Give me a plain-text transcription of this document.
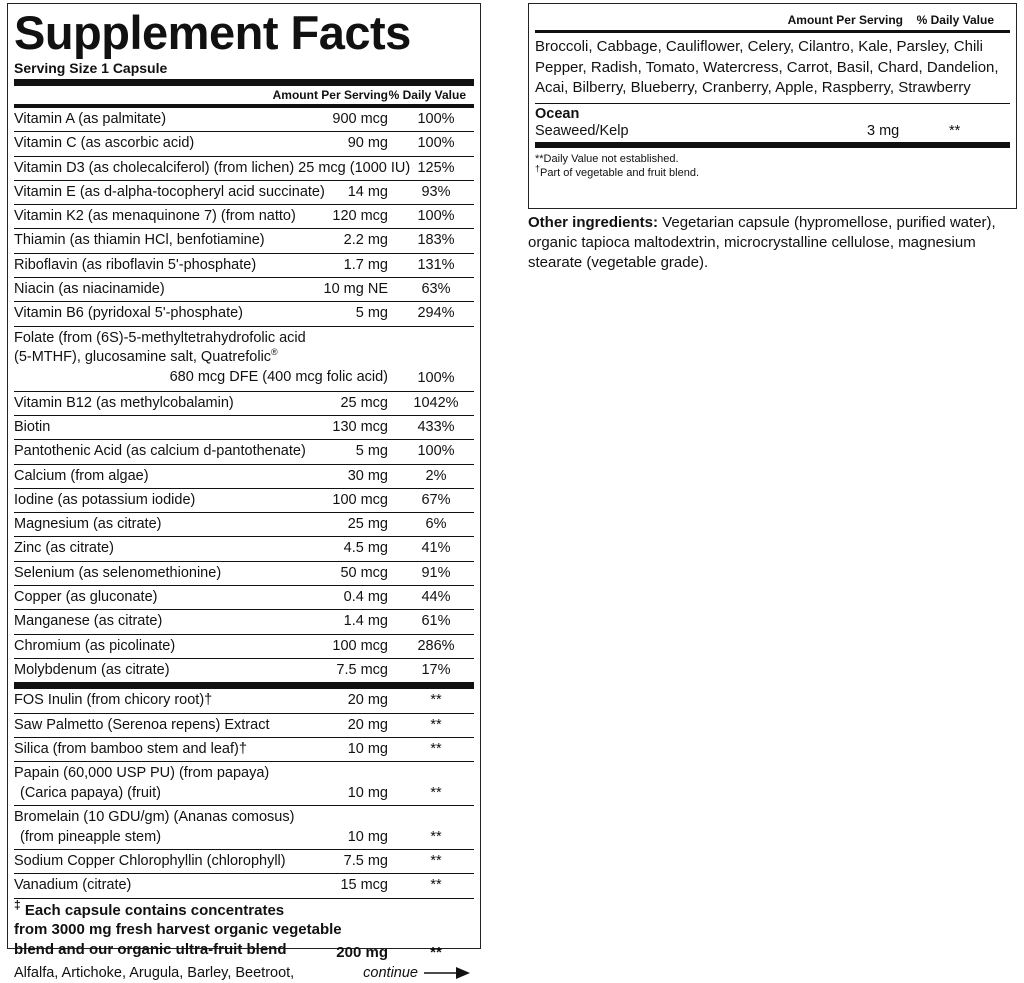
Supplement Facts
Serving Size 1 Capsule
Amount Per Serving % Daily Value
Vitamin A (as palmitate)	900 mcg	100%
Vitamin C (as ascorbic acid)	90 mg	100%
Vitamin D3 (as cholecalciferol) (from lichen) 25 mcg (1000 IU) 125%
Vitamin E (as d-alpha-tocopheryl acid succinate) 14 mg	93%
Vitamin K2 (as menaquinone 7) (from natto)	120 mcg	100%
Thiamin (as thiamin HCl, benfotiamine)	2.2 mg	183%
Riboflavin (as riboflavin 5'-phosphate)	1.7 mg	131%
Niacin (as niacinamide)	10 mg NE	63%
Vitamin B6 (pyridoxal 5'-phosphate)	5 mg	294%
Folate (from (6S)-5-methyltetrahydrofolic acid
(5-MTHF), glucosamine salt, Quatrefolic®
680 mcg DFE (400 mcg folic acid)	100%
Vitamin B12 (as methylcobalamin)	25 mcg	1042%
Biotin	130 mcg	433%
Pantothenic Acid (as calcium d-pantothenate)	5 mg	100%
Calcium (from algae)	30 mg	2%
Iodine (as potassium iodide)	100 mcg	67%
Magnesium (as citrate)	25 mg	6%
Zinc (as citrate)	4.5 mg	41%
Selenium (as selenomethionine)	50 mcg	91%
Copper (as gluconate)	0.4 mg	44%
Manganese (as citrate)	1.4 mg	61%
Chromium (as picolinate)	100 mcg	286%
Molybdenum (as citrate)	7.5 mcg	17%
FOS Inulin (from chicory root)†	20 mg	**
Saw Palmetto (Serenoa repens) Extract	20 mg	**
Silica (from bamboo stem and leaf)†	10 mg	**
Papain (60,000 USP PU) (from papaya)
(Carica papaya) (fruit)	10 mg	**
Bromelain (10 GDU/gm) (Ananas comosus)
(from pineapple stem)	10 mg	**
Sodium Copper Chlorophyllin (chlorophyll)	7.5 mg	**
Vanadium (citrate)	15 mcg	**
‡ Each capsule contains concentrates
from 3000 mg fresh harvest organic vegetable
blend and our organic ultra-fruit blend	200 mg	**
Alfalfa, Artichoke, Arugula, Barley, Beetroot,	continue
Amount Per Serving % Daily Value
Broccoli, Cabbage, Cauliflower, Celery, Cilantro, Kale, Parsley, Chili Pepper, Radish, Tomato, Watercress, Carrot, Basil, Chard, Dandelion, Acai, Bilberry, Blueberry, Cranberry, Apple, Raspberry, Strawberry
Ocean
Seaweed/Kelp	3 mg	**
**Daily Value not established.
†Part of vegetable and fruit blend.
Other ingredients: Vegetarian capsule (hypromellose, purified water), organic tapioca maltodextrin, microcrystalline cellulose, magnesium stearate (vegetable grade).
